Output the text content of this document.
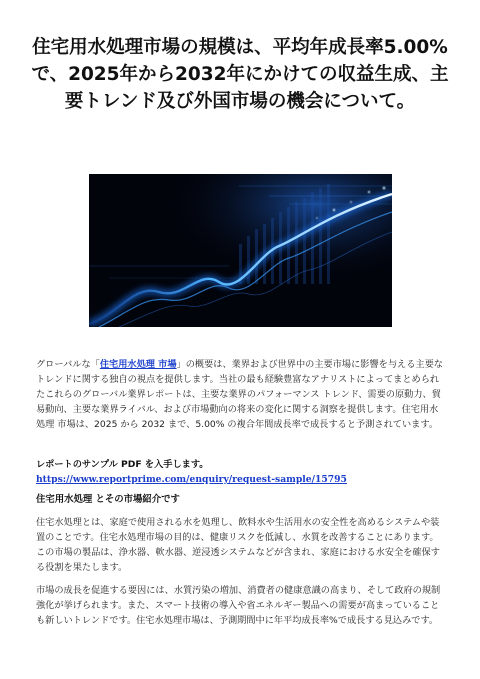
住宅用水処理市場の規模は、平均年成長率5.00%で、2025年から2032年にかけての収益生成、主要トレンド及び外国市場の機会について。

グローバルな「住宅用水処理 市場」の概要は、業界および世界中の主要市場に影響を与える主要なトレンドに関する独自の視点を提供します。当社の最も経験豊富なアナリストによってまとめられたこれらのグローバル業界レポートは、主要な業界のパフォーマンス トレンド、需要の原動力、貿易動向、主要な業界ライバル、および市場動向の将来の変化に関する洞察を提供します。住宅用水処理 市場は、2025 から 2032 まで、5.00% の複合年間成長率で成長すると予測されています。

レポートのサンプル PDF を入手します。 https://www.reportprime.com/enquiry/request-sample/15795

住宅用水処理 とその市場紹介です

住宅水処理とは、家庭で使用される水を処理し、飲料水や生活用水の安全性を高めるシステムや装置のことです。住宅水処理市場の目的は、健康リスクを低減し、水質を改善することにあります。この市場の製品は、浄水器、軟水器、逆浸透システムなどが含まれ、家庭における水安全を確保する役割を果たします。

市場の成長を促進する要因には、水質汚染の増加、消費者の健康意識の高まり、そして政府の規制強化が挙げられます。また、スマート技術の導入や省エネルギー製品への需要が高まっていることも新しいトレンドです。住宅水処理市場は、予測期間中に年平均成長率%で成長する見込みです。
